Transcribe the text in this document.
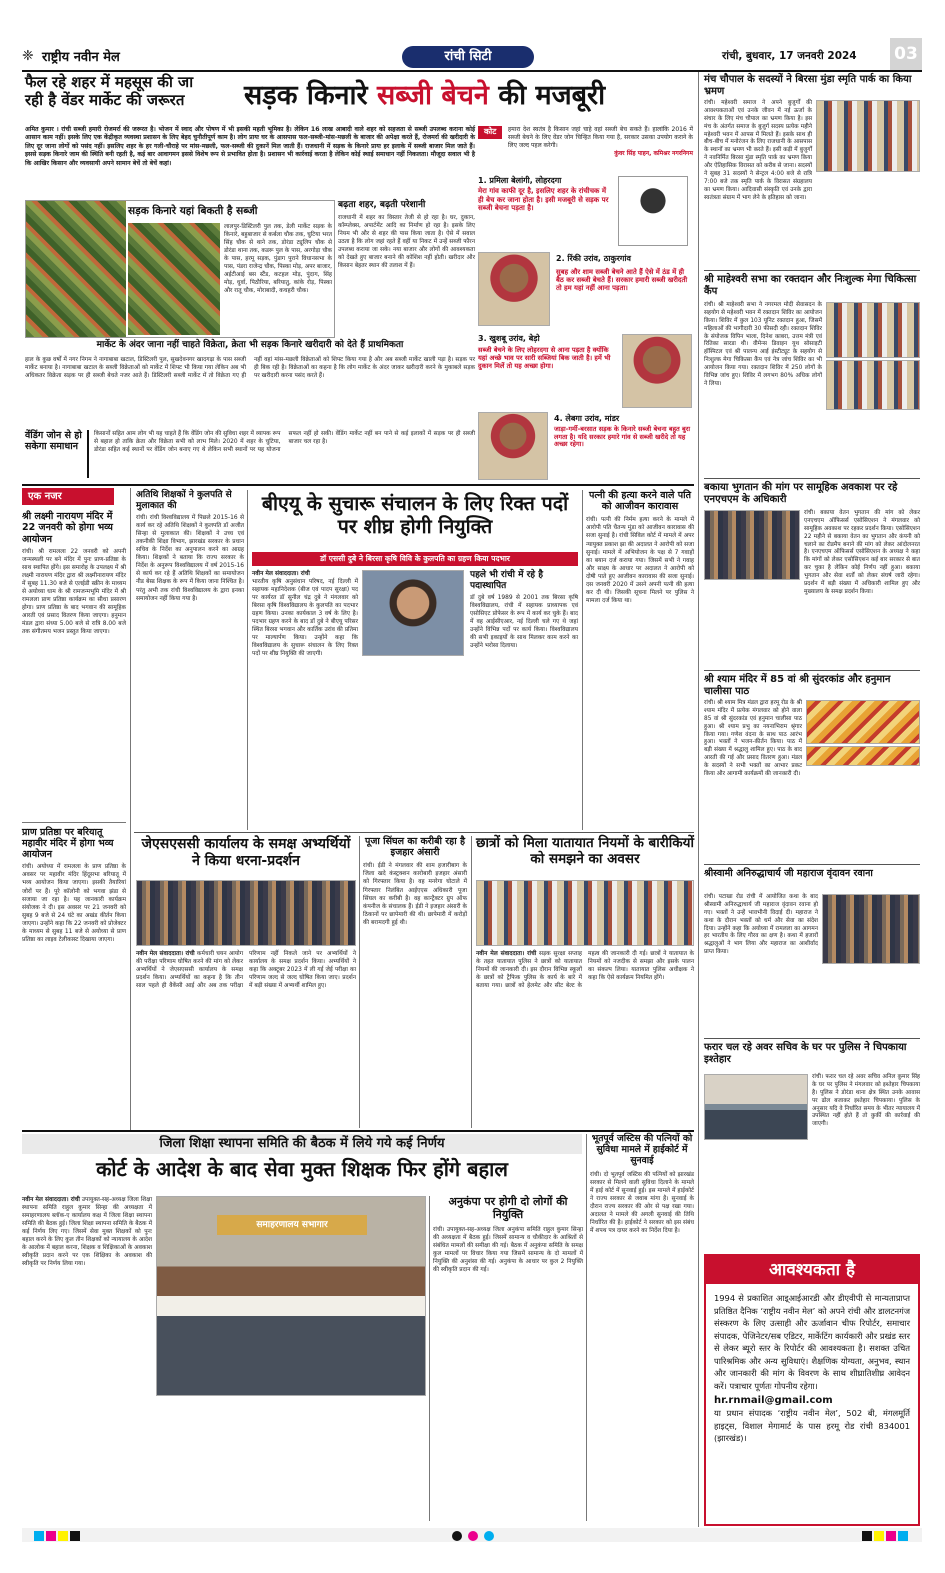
❈ राष्ट्रीय नवीन मेल	रांची सिटी	रांची, बुधवार, 17 जनवरी 2024 03
फैल रहे शहर में महसूस की जा
रही है वेंडर मार्केट की जरूरत	सड़क किनारे सब्जी बेचने की मजबूरी
अमित कुमार । रांची सब्जी हमारी रोजमर्रा की जरूरत है। भोजन में स्वाद और पोषण में भी इसकी महती भूमिका है। लेकिन 16 लाख आबादी वाले शहर को सहजता से सब्जी उपलब्ध कराना कोई आसान काम नहीं। इसके लिए एक केंद्रीकृत व्यवस्था प्रशासन के लिए बेहद चुनौतीपूर्ण काम है। लोग प्रायः घर के आसपास फल-सब्जी-मांस-मछली के बाजार की अपेक्षा करते हैं, रोजमर्रा की खरीदारी के लिए दूर जाना लोगों को पसंद नहीं। इसलिए शहर के हर गली-चौराहे पर मांस-मछली, फल-सब्जी की दुकानें मिल जाती हैं। राजधानी में सड़क के किनारे प्रायः हर इलाके में सब्जी बाजार मिल जाते हैं। इससे सड़क किनारे जाम की स्थिति बनी रहती है, कई बार आवागमन इससे विशेष रूप से प्रभावित होता है। प्रशासन भी कार्रवाई करता है लेकिन कोई स्थाई समाधान नहीं निकलता। मौजूदा सवाल भी है कि आखिर किसान और व्यवसायी अपने सामान बेचें तो बेचें कहां।
कोट	हमारा देश स्वतंत्र है किसान जहां चाहे वहां सब्जी बेच सकते हैं। हालांकि 2016 में सब्जी बेचने के लिए वेंडर जोन चिन्हित किया गया है, सरकार उसका उपयोग कराने के लिए जल्द पहल करेगी।
कुंवर सिंह पाहन, कमिश्नर नगरनिगम
सड़क किनारे यहां बिकती है सब्जी
लालपुर-डिस्टिलरी पुल तक, डेली मार्केट सड़क के किनारे, बहुबाजार से कर्बला चौक तक, चुटिया भरत सिंह चौक से थाने तक, डोरंडा ट्यूलिप चौक से डोरंडा थाना तक, कडरू पुल के पास, अरगोड़ा चौक के पास, हरमू सड़क, पुंडाग पुराने विधानसभा के पास, पंडरा राजेन्द्र चौक, पिस्का मोड़, अपर बाजार, अईटीआई बस स्टैंड, कटहल मोड़, पुंदाग, सिंह मोड़, धुर्वा, पिठौरिया, बरियातु, कांके रोड़, पिस्का और रातू चौक, मोराबादी, कचहरी चौक।
बढ़ता शहर, बढ़ती परेशानी
राजधानी में शहर का विस्तार तेजी से हो रहा है। घर, दुकान, कॉम्प्लेक्स, अपार्टमेंट आदि का निर्माण हो रहा है। इसके लिए नियम भी और से शहर की पास किया जाता है। ऐसे में सवाल उठता है कि लोग जहां रहते हैं वहीं या निकट में उन्हें सब्जी फौरन उपलब्ध कराया जा सके। नया बाजार और लोगों की आवश्यकता को देखते हुए बाजार बनाने की कोशिश नहीं होती। खरीदार और किसान बेहतर स्थान की तलाश में हैं।
1. प्रमिला बेलांगी, लोहरदगा
मेरा गांव काफी दूर है, इसलिए शहर के रांचीचक में ही बेच कर जाना होता है। इसी मजबूरी से सड़क पर सब्जी बेचना पड़ता है।
2. रिंकी उरांव, ठाकुरगांव
सुबह और शाम सब्जी बेचने आते हैं ऐसे में ठंड में ही बैठ कर सब्जी बेचते हैं। सरकार हमारी सब्जी खरीदती तो हम यहां नहीं आना पड़ता।
3. खुशबू उरांव, बेड़ो
सब्जी बेचने के लिए लोहरदगा से आना पड़ता है क्योंकि यहां अच्छे भाव पर सारी सब्जियां बिक जाती है। हमें भी दुकान मिलें तो यह अच्छा होगा।
4. लेबगा उरांव, मांडर
जाड़ा-गर्मी-बरसात सड़क के किनारे सब्जी बेचना बहुत बुरा लगता है। यदि सरकार हमारे गांव से सब्जी खरीदे तो यह अच्छा रहेगा।
मार्केट के अंदर जाना नहीं चाहते विक्रेता, क्रेता भी सड़क किनारे खरीदारी को देते हैं प्राथमिकता
हाल के कुछ वर्षों में नगर निगम ने नागाबाबा खटाल, डिस्टिलरी पुल, सुखदेवनगर खादगढ़ा के पास सब्जी मार्केट बनाया है। नागाबाबा खटाल के सब्जी विक्रेताओं को मार्केट में शिफ्ट भी किया गया लेकिन अब भी अधिकतर विक्रेता सड़क पर ही सब्जी बेचते नजर आते हैं। डिस्टिलरी सब्जी मार्केट में तो विक्रेता गए ही नहीं वहां मांस-मछली विक्रेताओं को शिफ्ट किया गया है और अब सब्जी मार्केट खाली पड़ा है। सड़क पर ही बिक रही है। विक्रेताओं का कहना है कि लोग मार्केट के अंदर जाकर खरीदारी करने के मुकाबले सड़क पर खरीदारी करना पसंद करते हैं।
वेंडिंग जोन से हो सकेगा समाधान
किसानों सहित आम लोग भी यह चाहते हैं कि वेंडिंग जोन की सुविधा शहर में व्यापक रूप से बहाल हो ताकि क्रेता और विक्रेता सभी को लाभ मिले। 2020 में शहर के चुटिया, डोरंडा सहित कई स्थानों पर वेंडिंग जोन बनाए गए थे लेकिन सभी स्थानों पर यह योजना सफल नहीं हो सकी। वेंडिंग मार्केट नहीं बन पाने से कई इलाकों में सड़क पर ही सब्जी बाजार चल रहा है।
मंच चौपाल के सदस्यों ने बिरसा मुंडा स्मृति पार्क का किया भ्रमण
रांची। महेश्वरी समाज ने अपने बुजुर्गों की आवश्यकताओं एवं उनके जीवन में नई ऊर्जा के संचार के लिए मंच चौपाल का भ्रमण किया है। इस मंच के अंतर्गत समाज के बुजुर्ग सदस्य प्रत्येक महीने महेश्वरी भवन में आपस में मिलते हैं। इसके साथ ही बीच-बीच में मनोरंजन के लिए राजधानी के आसपास के स्थानों का भ्रमण भी करते हैं। इसी कड़ी में बुजुर्गों ने नवनिर्मित बिरसा मुंडा स्मृति पार्क का भ्रमण किया और ऐतिहासिक विरासत को करीब से जाना। सदस्यों ने सुबह 31 सदस्यों ने सेन्ट्रल 4:00 बजे से रात्रि 7:00 बजे तक स्मृति पार्क के विरासत संग्रहालय का भ्रमण किया। आदिवासी संस्कृति एवं उनके द्वारा स्वतंत्रता संग्राम में भाग लेने के इतिहास को जाना।
श्री माहेश्वरी सभा का रक्तदान और निःशुल्क मेगा चिकित्सा कैंप
रांची। श्री माहेश्वरी सभा ने नगरमल मोदी सेवासदन के सहयोग से महेश्वरी भवन में रक्तदान शिविर का आयोजन किया। शिविर में कुल 103 यूनिट रक्तदान हुआ, जिसमें महिलाओं की भागीदारी 30 फीसदी रही। रक्तदान शिविर के संयोजक विपिन भाला, दिनेश काबरा, उत्तम मंत्री एवं रितिका सारडा थी। वीमेन्स डिवाइन यूथ सोसाइटी हॉस्पिटल एवं श्री पालन्य आई इंस्टीट्यूट के सहयोग से निःशुल्क मेगा चिकित्सा कैंप एवं नेत्र जांच शिविर का भी आयोजन किया गया। रक्तदान शिविर में 250 लोगों के विभिन्न जांच हुए। शिविर में लगभग 80% अधिक लोगों ने लिया।
बकाया भुगतान की मांग पर सामूहिक अवकाश पर रहे एनएचएम के अधिकारी
रांची। बकाया वेतन भुगतान की मांग को लेकर एनएचएम ऑफिसर्स एसोसिएशन ने मंगलवार को सामूहिक अवकाश पर रहकर प्रदर्शन किया। एसोसिएशन 22 महीने से बकाया वेतन का भुगतान और कंपनी को चलाने का रोडमैप बनाने की मांग को लेकर आंदोलनरत है। एनएचएम ऑफिसर्स एसोसिएशन के अध्यक्ष ने कहा कि मांगों को लेकर एसोसिएशन कई बार सरकार से बात कर चुका है लेकिन कोई निर्णय नहीं हुआ। बकाया भुगतान और सेवा शर्तों को लेकर संघर्ष जारी रहेगा। प्रदर्शन में बड़ी संख्या में अधिकारी शामिल हुए और मुख्यालय के समक्ष प्रदर्शन किया।
श्री श्याम मंदिर में 85 वां श्री सुंदरकांड और हनुमान चालीसा पाठ
रांची। श्री श्याम मित्र मंडल द्वारा हरमू रोड के श्री श्याम मंदिर में प्रत्येक मंगलवार को होने वाला 85 वां श्री सुंदरकांड एवं हनुमान चालीसा पाठ हुआ। श्री श्याम प्रभु का नयनाभिराम श्रृंगार किया गया। गणेश वंदना के साथ पाठ आरंभ हुआ। भक्तों ने भजन-कीर्तन किया। पाठ में बड़ी संख्या में श्रद्धालु शामिल हुए। पाठ के बाद आरती की गई और प्रसाद वितरण हुआ। मंडल के सदस्यों ने सभी भक्तों का आभार प्रकट किया और आगामी कार्यक्रमों की जानकारी दी।
श्रीस्वामी अनिरुद्धाचार्य जी महाराज वृंदावन रवाना
रांची। पटाखा रोड रांची में आयोजित कथा के बाद श्रीस्वामी अनिरुद्धाचार्य जी महाराज वृंदावन रवाना हो गए। भक्तों ने उन्हें भावभीनी विदाई दी। महाराज ने कथा के दौरान भक्तों को धर्म और सेवा का संदेश दिया। उन्होंने कहा कि अयोध्या में रामलला का आगमन हर भारतीय के लिए गौरव का क्षण है। कथा में हजारों श्रद्धालुओं ने भाग लिया और महाराज का आशीर्वाद प्राप्त किया।
फरार चल रहे अवर सचिव के घर पर पुलिस ने चिपकाया इश्तेहार
रांची। फरार चल रहे अवर सचिव अनिल कुमार सिंह के घर पर पुलिस ने मंगलवार को इश्तेहार चिपकाया है। पुलिस ने डोरंडा थाना क्षेत्र स्थित उनके आवास पर ढोल बजाकर इश्तेहार चिपकाया। पुलिस के अनुसार यदि वे निर्धारित समय के भीतर न्यायालय में उपस्थित नहीं होते हैं तो कुर्की की कार्रवाई की जाएगी।
आवश्यकता है
1994 से प्रकाशित आइ्आईआरडी और डीएवीपी से मान्यताप्राप्त प्रतिष्ठित दैनिक ‘राष्ट्रीय नवीन मेल’ को अपने रांची और डालटनगंज संस्करण के लिए उत्साही और ऊर्जावान चीफ रिपोर्टर, समाचार संपादक, पेजिनेटर/सब एडिटर, मार्केटिंग कार्यकारी और प्रखंड स्तर से लेकर ब्यूरो स्तर के रिपोर्टर की आवश्यकता है। सशक्त उचित पारिश्रमिक और अन्य सुविधाएं। शैक्षणिक योग्यता, अनुभव, स्थान और जानकारी की मांग के विवरण के साथ शीघ्रातिशीघ्र आवेदन करें। पत्राचार पूर्णतः गोपनीय रहेगा।
hr.rnmail@gmail.com
या प्रधान संपादक ‘राष्ट्रीय नवीन मेल’, 502 बी, मंगलमूर्ति हाइट्स, विशाल मेगामार्ट के पास हरमू रोड रांची 834001 (झारखंड)।
एक नजर
श्री लक्ष्मी नारायण मंदिर में 22 जनवरी को होगा भव्य आयोजन
रांची। श्री रामलला 22 जनवरी को अपनी जन्मस्थली पर बने मंदिर में पुनः प्राण-प्रतिष्ठा के साथ स्थापित होंगे। इस समारोह के उपलक्ष्य में श्री लक्ष्मी नारायण मंदिर द्वारा श्री लक्ष्मीनारायण मंदिर में सुबह 11.30 बजे से एलईडी स्क्रीन के माध्यम से अयोध्या धाम के श्री रामजन्मभूमि मंदिर में श्री रामलला प्राण प्रतिष्ठा कार्यक्रम का सीधा प्रसारण होगा। प्राण प्रतिष्ठा के बाद भगवान की सामूहिक आरती एवं प्रसाद वितरण किया जाएगा। हनुमान मंडल द्वारा संध्या 5.00 बजे से रात्रि 8.00 बजे तक संगीतमय भजन प्रस्तुत किया जाएगा।
प्राण प्रतिष्ठा पर बरियातू महावीर मंदिर में होगा भव्य आयोजन
रांची। अयोध्या में रामलला के प्राण प्रतिष्ठा के अवसर पर महावीर मंदिर हिंदूसभा बरियातू में भव्य आयोजन किया जाएगा। इसकी तैयारियां जोरों पर हैं। पूरे कॉलोनी को भगवा झंडा से सजाया जा रहा है। यह जानकारी कार्यक्रम संयोजक ने दी। इस अवसर पर 21 जनवरी को सुबह 9 बजे से 24 घंटे का अखंड कीर्तन किया जाएगा। उन्होंने कहा कि 22 जनवरी को प्रोजेक्टर के माध्यम से सुबह 11 बजे से अयोध्या से प्राण प्रतिष्ठा का लाइव टेलीकास्ट दिखाया जाएगा।
अतिथि शिक्षकों ने कुलपति से मुलाकात की
रांची। रांची विश्वविद्यालय में पिछले 2015-16 से कार्य कर रहे अतिथि शिक्षकों ने कुलपति डॉ अजीत सिन्हा से मुलाकात की। शिक्षकों ने उच्च एवं तकनीकी शिक्षा विभाग, झारखंड सरकार के प्रधान सचिव के निर्देश का अनुपालन करने का आग्रह किया। शिक्षकों ने बताया कि राज्य सरकार के निर्देश के अनुरूप विश्वविद्यालय में वर्ष 2015-16 से कार्य कर रहे हैं अतिथि शिक्षकों का समायोजन नीड बेस्ड शिक्षक के रूप में किया जाना निश्चित है। परंतु अभी तक रांची विश्वविद्यालय के द्वारा इनका समायोजन नहीं किया गया है।
बीएयू के सुचारू संचालन के लिए रिक्त पदों पर शीघ्र होगी नियुक्ति
डॉ एससी दुबे ने बिरसा कृषि विवि के कुलपति का ग्रहण किया पदभार
नवीन मेल संवाददाता। रांची
भारतीय कृषि अनुसंधान परिषद, नई दिल्ली में सहायक महानिदेशक (बीज एवं पादप सुरक्षा) पद पर कार्यरत डॉ सुनील चंद्र दुबे ने मंगलवार को बिरसा कृषि विश्वविद्यालय के कुलपति का पदभार ग्रहण किया। उनका कार्यकाल 3 वर्ष के लिए है। पदभार ग्रहण करने के बाद डॉ दुबे ने बीएयू परिसर स्थित बिरसा भगवान और कार्तिक उरांव की प्रतिमा पर माल्यार्पण किया। उन्होंने कहा कि विश्वविद्यालय के सुचारू संचालन के लिए रिक्त पदों पर शीघ्र नियुक्ति की जाएगी।
पहले भी रांची में रहे है पदास्थापित
डॉ दुबे वर्ष 1989 से 2001 तक बिरसा कृषि विश्वविद्यालय, रांची में सहायक प्राध्यापक एवं एसोसिएट प्रोफेसर के रूप में कार्य कर चुके हैं। बाद में वह आईसीएआर, नई दिल्ली चले गए थे जहां उन्होंने विभिन्न पदों पर कार्य किया। विश्वविद्यालय की सभी इकाइयों के साथ मिलकर काम करने का उन्होंने भरोसा दिलाया।
पत्नी की हत्या करने वाले पति को आजीवन कारावास
रांची। पत्नी की निर्मम हत्या करने के मामले में आरोपी पति चैतन्य मुंडा को आजीवन कारावास की सजा सुनाई है। रांची सिविल कोर्ट में मामले में अपर न्यायुक्त प्रकाश झा की अदालत ने आरोपी को सजा सुनाई। मामले में अभियोजन के पक्ष से 7 गवाहों का बयान दर्ज कराया गया। जिसमें सभी ने गवाह और साक्ष्य के आधार पर अदालत ने आरोपी को दोषी पाते हुए आजीवन कारावास की सजा सुनाई। दस जनवरी 2020 में उसने अपनी पत्नी की हत्या कर दी थी। जिसकी सूचना मिलने पर पुलिस ने मामला दर्ज किया था।
जेएसएससी कार्यालय के समक्ष अभ्यर्थियों ने किया धरना-प्रदर्शन
नवीन मेल संवाददाता। रांची कर्मचारी चयन आयोग की परीक्षा परिणाम घोषित करने की मांग को लेकर अभ्यर्थियों ने जेएसएससी कार्यालय के समक्ष प्रदर्शन किया। अभ्यर्थियों का कहना है कि तीन साल पहले ही वैकेंसी आई और अब तक परीक्षा परिणाम नहीं निकले जाने पर अभ्यर्थियों ने कार्यालय के समक्ष प्रदर्शन किया। अभ्यर्थियों ने कहा कि अक्टूबर 2023 में ली गई जेई परीक्षा का परिणाम जल्द से जल्द घोषित किया जाए। प्रदर्शन में बड़ी संख्या में अभ्यर्थी शामिल हुए।
पूजा सिंघल का करीबी रहा है इजहार अंसारी
रांची। ईडी ने मंगलवार की शाम हजारीबाग के जिला खदे कंस्ट्रक्शन कारोबारी इजहार अंसारी को गिरफ्तार किया है। वह मनरेगा घोटाले में गिरफ्तार निलंबित आईएएस अधिकारी पूजा सिंघल का करीबी है। वह कान्ट्रैक्टर ग्रुप ऑफ कंपनीज के संचालक हैं। ईडी ने इजहार अंसारी के ठिकानों पर छापेमारी की थी। छापेमारी में करोड़ों की बरामदगी हुई थी।
छात्रों को मिला यातायात नियमों के बारीकियों को समझने का अवसर
नवीन मेल संवाददाता। रांची सड़क सुरक्षा सप्ताह के तहत यातायात पुलिस ने छात्रों को यातायात नियमों की जानकारी दी। इस दौरान विभिन्न स्कूलों के छात्रों को ट्रैफिक पुलिस के कार्य के बारे में बताया गया। छात्रों को हेलमेट और सीट बेल्ट के महत्व की जानकारी दी गई। छात्रों ने यातायात के नियमों को नजदीक से समझा और इसके पालन का संकल्प लिया। यातायात पुलिस अधीक्षक ने कहा कि ऐसे कार्यक्रम नियमित होंगे।
जिला शिक्षा स्थापना समिति की बैठक में लिये गये कई निर्णय
कोर्ट के आदेश के बाद सेवा मुक्त शिक्षक फिर होंगे बहाल
नवीन मेल संवाददाता। रांची उपायुक्त-सह-अध्यक्ष जिला शिक्षा स्थापना समिति राहुल कुमार सिन्हा की अध्यक्षता में समाहरणालय ब्लॉक-ए कार्यालय कक्ष में जिला शिक्षा स्थापना समिति की बैठक हुई। जिला शिक्षा स्थापना समिति के बैठक में कई निर्णय लिए गए। जिसमें सेवा मुक्त शिक्षकों को पुनः बहाल करने के लिए कुल तीन शिक्षकों को न्यायालय के आदेश के आलोक में बहाल करना, शिक्षक व शिक्षिकाओं के अवकाश स्वीकृति प्रदान करने पर एक शिक्षिका के अवकाश की स्वीकृति पर निर्णय लिया गया।
समाहरणालय सभागार
अनुकंपा पर होगी दो लोगों की नियुक्ति
रांची। उपायुक्त-सह-अध्यक्ष जिला अनुकंपा समिति राहुल कुमार सिन्हा की अध्यक्षता में बैठक हुई। जिसमें सामान्य व चौकीदार के आश्रितों से संबंधित मामलों की समीक्षा की गई। बैठक में अनुकंपा समिति के समक्ष कुल मामलों पर विचार किया गया जिसमें सामान्य के दो मामलों में नियुक्ति की अनुशंसा की गई। अनुकंपा के आधार पर कुल 2 नियुक्ति की स्वीकृति प्रदान की गई।
भूतपूर्व जस्टिस की पत्नियों को सुविधा मामले में हाईकोर्ट में सुनवाई
रांची। दो भूतपूर्व जस्टिस की पत्नियों को झारखंड सरकार से मिलने वाली सुविधा दिलाने के मामले में हाई कोर्ट में सुनवाई हुई। इस मामले में हाईकोर्ट ने राज्य सरकार से जवाब मांगा है। सुनवाई के दौरान राज्य सरकार की ओर से पक्ष रखा गया। अदालत ने मामले की अगली सुनवाई की तिथि निर्धारित की है। हाईकोर्ट ने सरकार को इस संबंध में शपथ पत्र दायर करने का निर्देश दिया है।
